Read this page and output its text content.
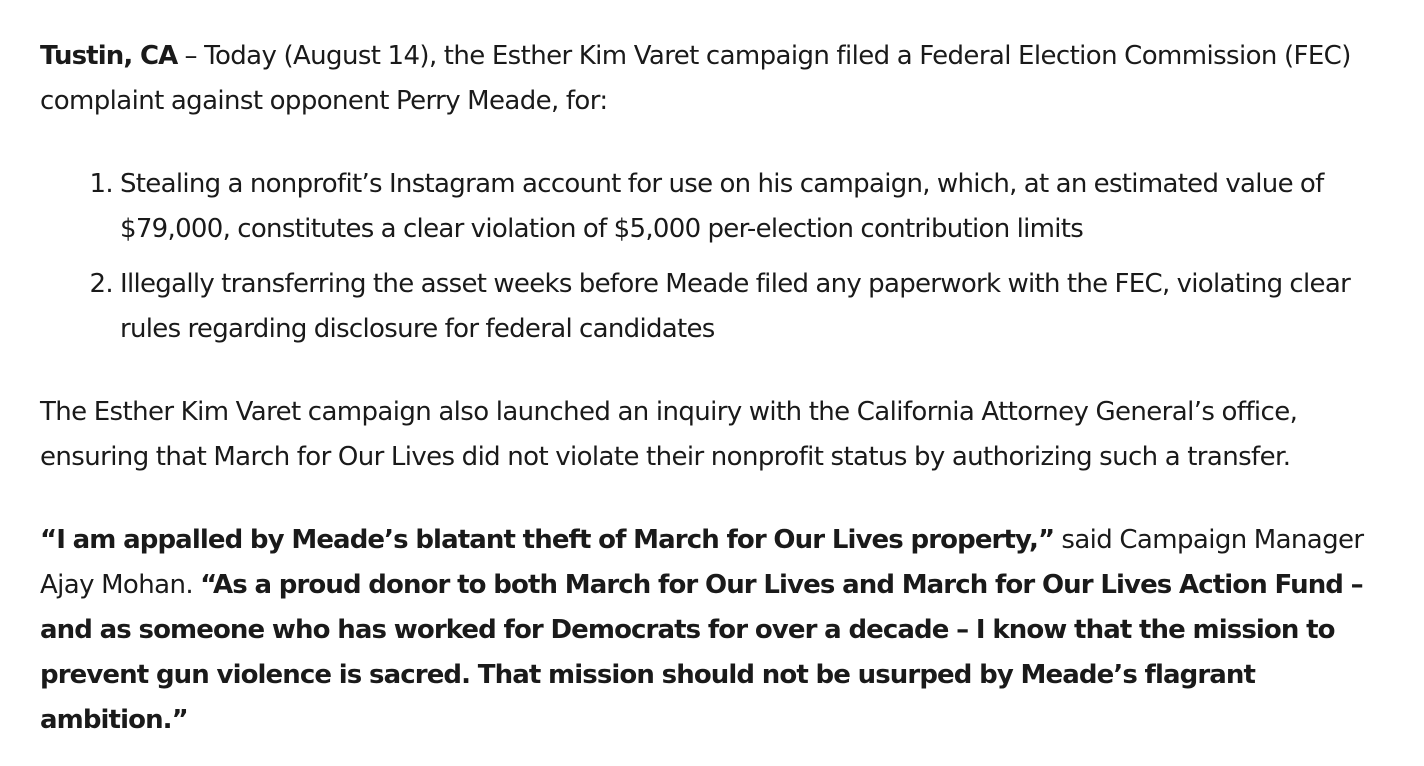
Tustin, CA – Today (August 14), the Esther Kim Varet campaign filed a Federal Election Commission (FEC) complaint against opponent Perry Meade, for:

1. Stealing a nonprofit’s Instagram account for use on his campaign, which, at an estimated value of $79,000, constitutes a clear violation of $5,000 per-election contribution limits
2. Illegally transferring the asset weeks before Meade filed any paperwork with the FEC, violating clear rules regarding disclosure for federal candidates

The Esther Kim Varet campaign also launched an inquiry with the California Attorney General’s office, ensuring that March for Our Lives did not violate their nonprofit status by authorizing such a transfer.

“I am appalled by Meade’s blatant theft of March for Our Lives property,” said Campaign Manager Ajay Mohan. “As a proud donor to both March for Our Lives and March for Our Lives Action Fund – and as someone who has worked for Democrats for over a decade – I know that the mission to prevent gun violence is sacred. That mission should not be usurped by Meade’s flagrant ambition.”
